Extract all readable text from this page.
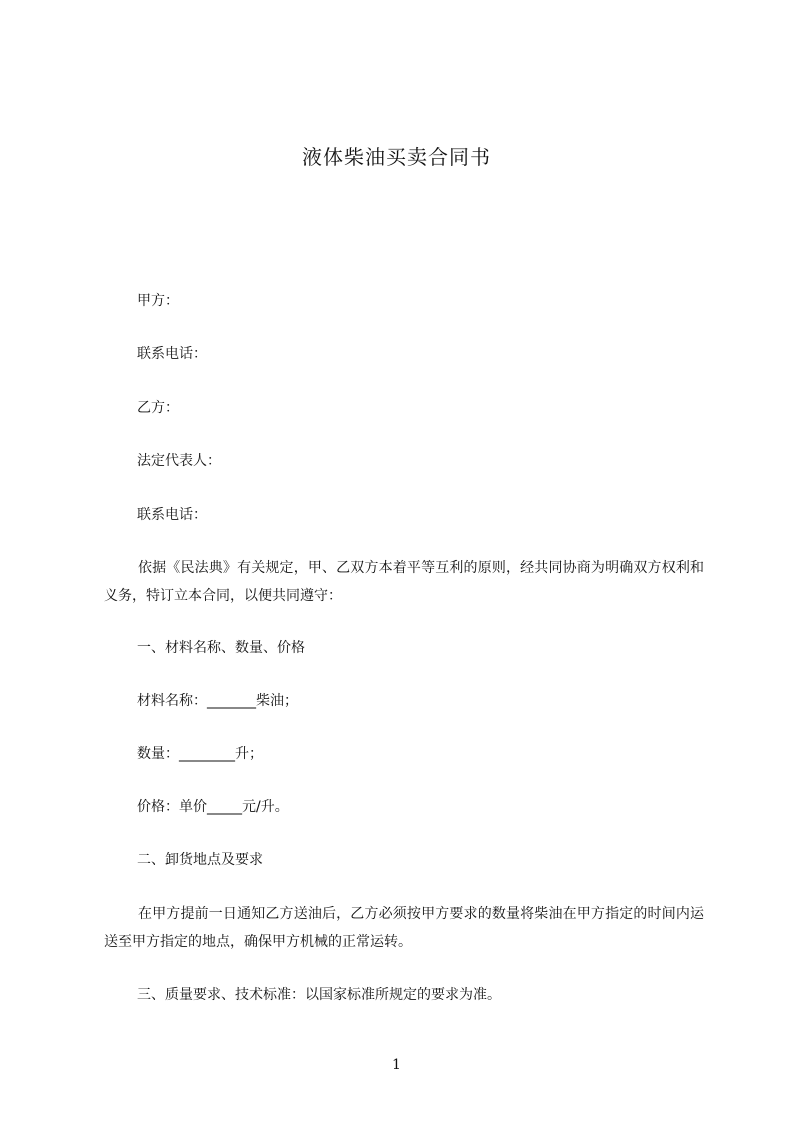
液体柴油买卖合同书
甲方：
联系电话：
乙方：
法定代表人：
联系电话：
依据《民法典》有关规定，甲、乙双方本着平等互利的原则，经共同协商为明确双方权利和义务，特订立本合同，以便共同遵守：
一、材料名称、数量、价格
材料名称：_______柴油；
数量：________升；
价格：单价_____元/升。
二、卸货地点及要求
在甲方提前一日通知乙方送油后，乙方必须按甲方要求的数量将柴油在甲方指定的时间内运送至甲方指定的地点，确保甲方机械的正常运转。
三、质量要求、技术标准：以国家标准所规定的要求为准。
1
